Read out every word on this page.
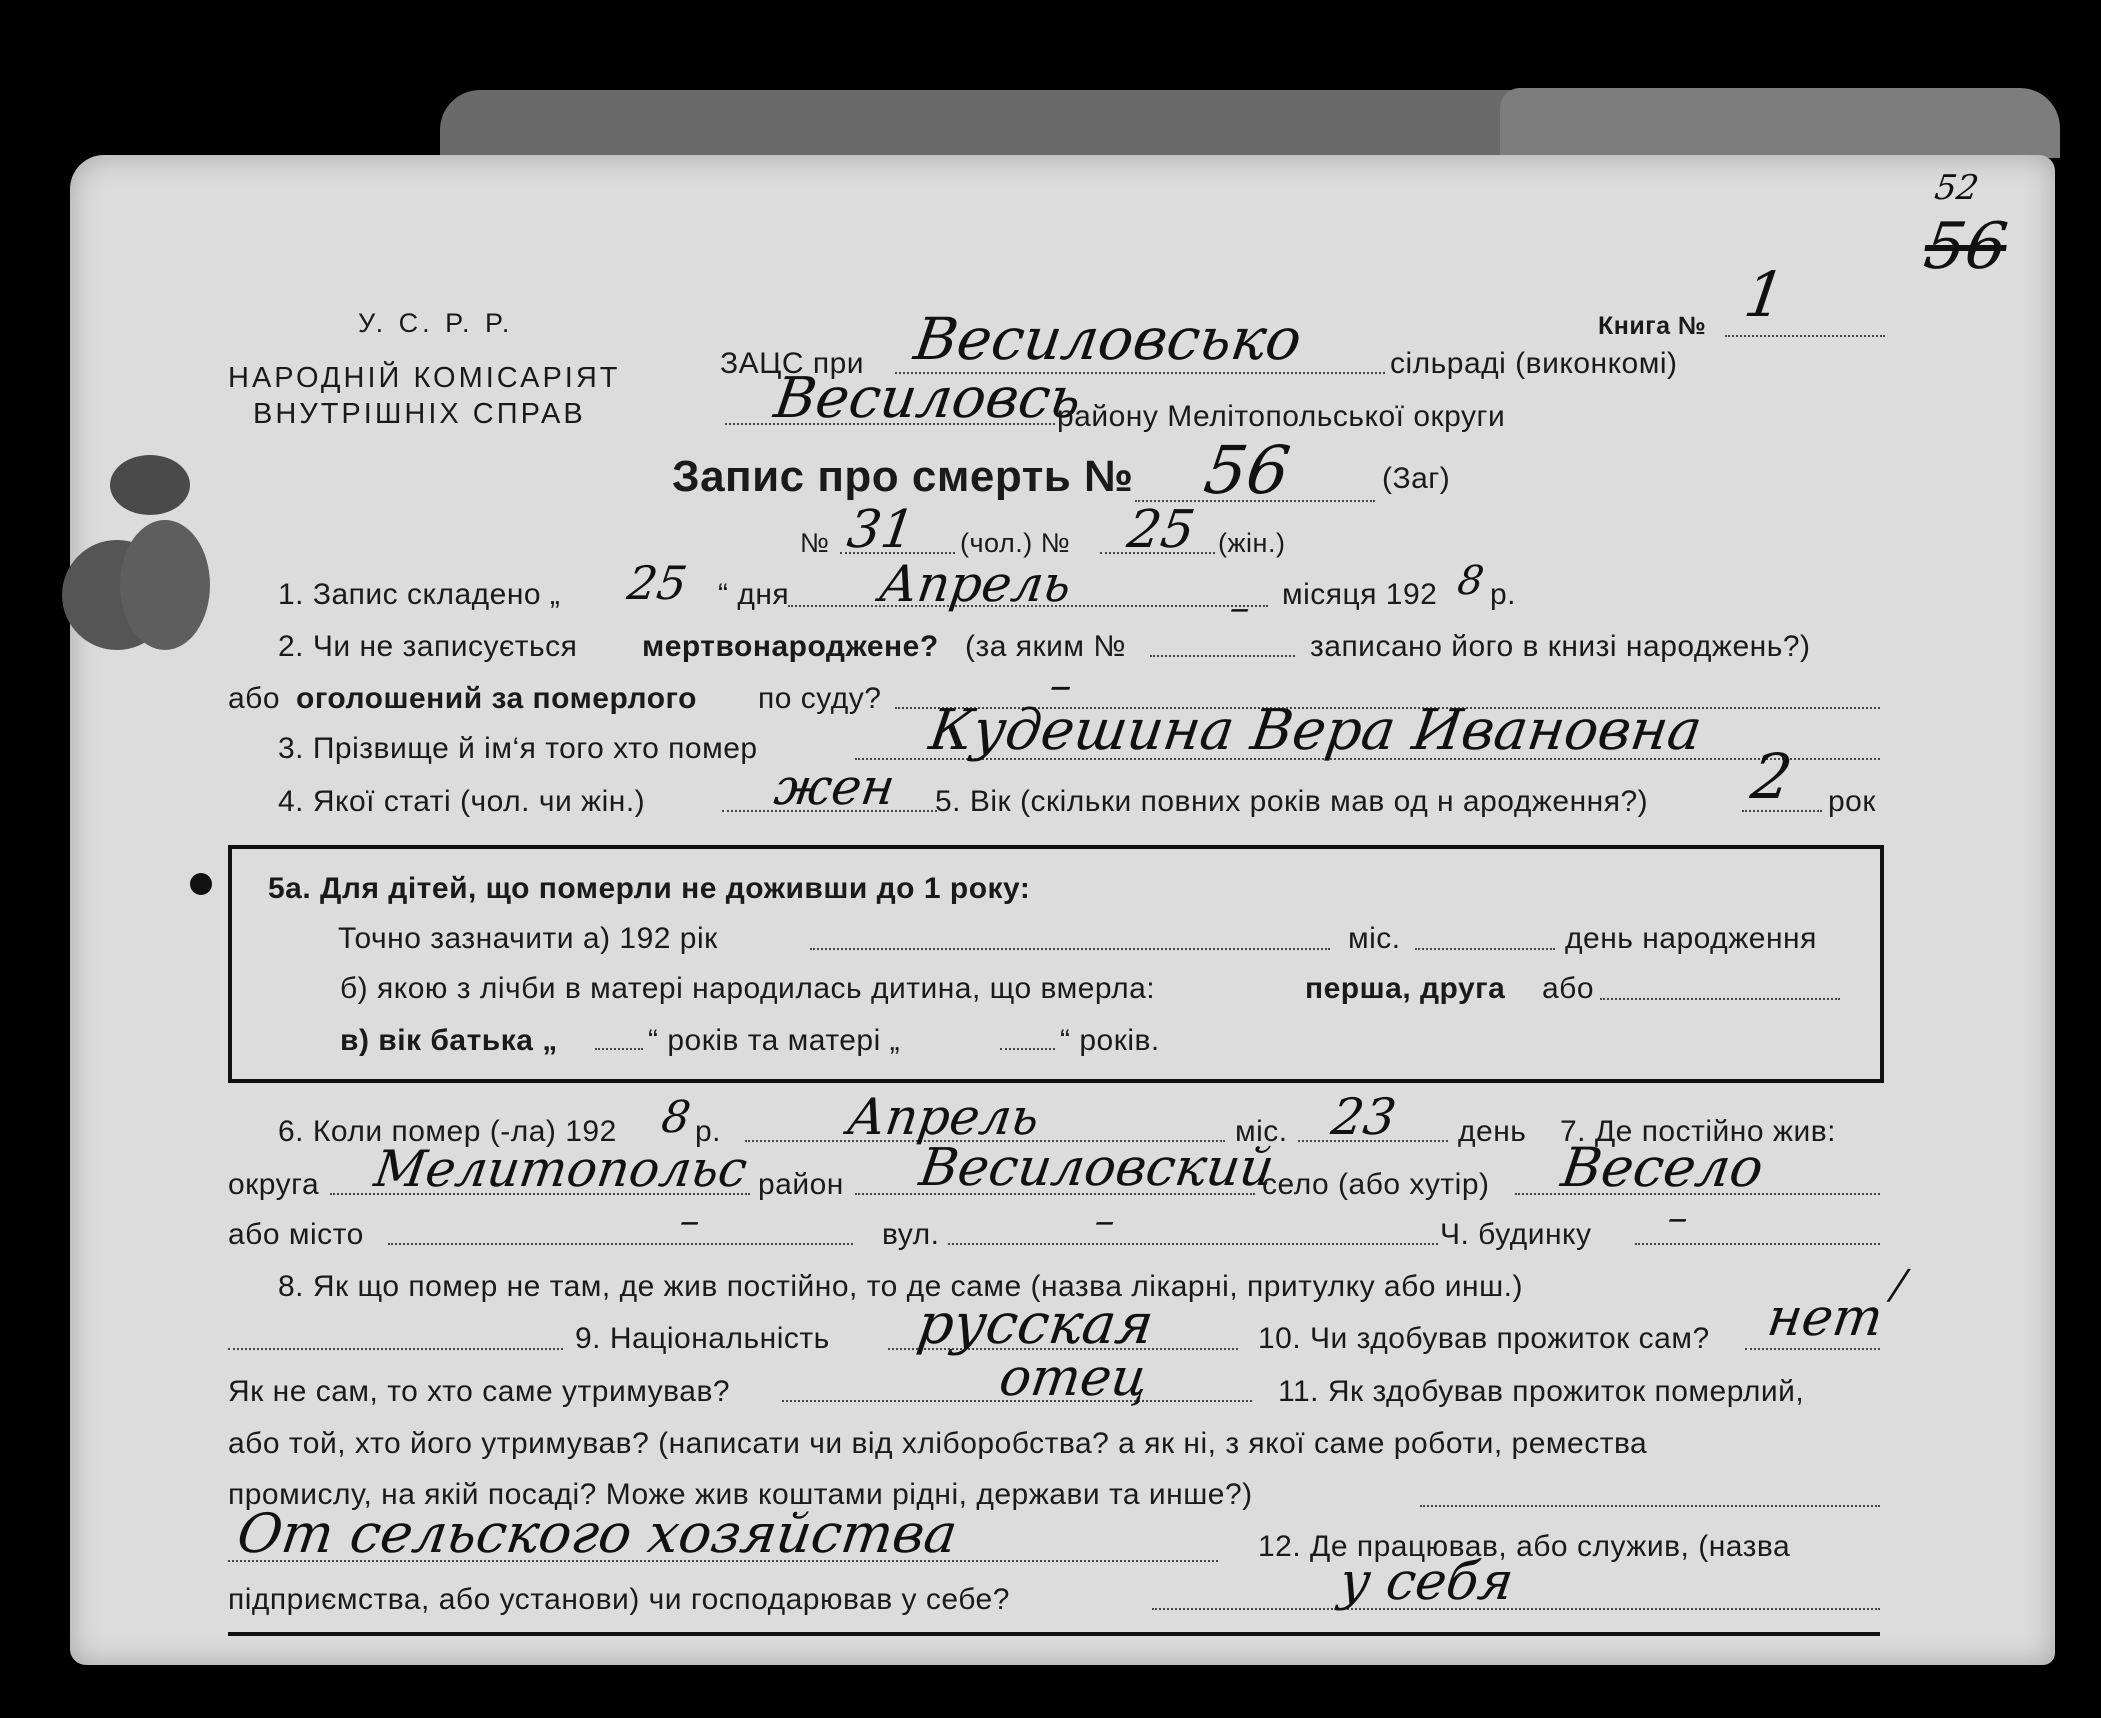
52
56
У. С. Р. Р.
НАРОДНІЙ КОМІСАРІЯТ
ВНУТРІШНІХ СПРАВ
Книга № 1
ЗАЦС при Весиловсько	сільраді (виконкомі)
Весиловсь
району Мелітопольської округи
Запис про смерть № 56	(Заг)
№ 31 (чол.) № 25 (жін.)
1. Запис складено „ 25 “ дня Апрель	– місяця 192 8 р.
2. Чи не записується мертвонароджене? (за яким №	записано його в книзі народжень?)
або оголошений за померлого по суду?	–
3. Прізвище й ім‘я того хто помер	Кудешина Вера Ивановна
4. Якої статі (чол. чи жін.)	жен 5. Вік (скільки повних років мав од н ародження?) 2 рок
5а. Для дітей, що померли не доживши до 1 року:
Точно зазначити а) 192 рік	міс.	день народження
б) якою з лічби в матері народилась дитина, що вмерла:	перша, друга або
в) вік батька „	“ років та матері „	“ років.
6. Коли помер (-ла) 192 8 р. Апрель	міс. 23 день 7. Де постійно жив:
округа Мелитопольс район Весиловский
село (або хутір) Весело
або місто	–	вул.	–	Ч. будинку –
8. Як що помер не там, де жив постійно, то де саме (назва лікарні, притулку або инш.)	/
9. Національність русская	10. Чи здобував прожиток сам? нет
Як не сам, то хто саме утримував?	отец	11. Як здобував прожиток померлий,
або той, хто його утримував? (написати чи від хліборобства? а як ні, з якої саме роботи, ремества
промислу, на якій посаді? Може жив коштами рідні, держави та инше?)
От сельского хозяйства	12. Де працював, або служив, (назва
підприємства, або установи) чи господарював у себе?	у себя
